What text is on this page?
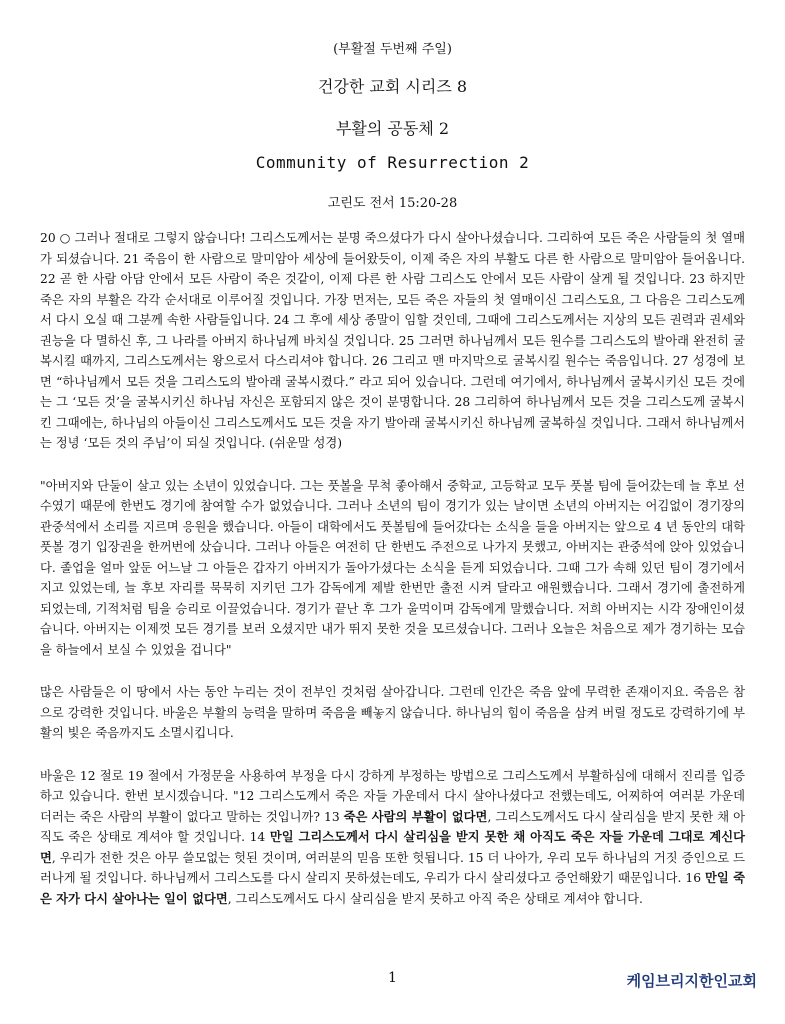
(부활절 두번째 주일)

건강한 교회 시리즈 8

부활의 공동체 2

Community of Resurrection 2

고린도 전서 15:20-28

20 ○ 그러나 절대로 그렇지 않습니다! 그리스도께서는 분명 죽으셨다가 다시 살아나셨습니다. 그리하여 모든 죽은 사람들의 첫 열매가 되셨습니다. 21 죽음이 한 사람으로 말미암아 세상에 들어왔듯이, 이제 죽은 자의 부활도 다른 한 사람으로 말미암아 들어옵니다. 22 곧 한 사람 아담 안에서 모든 사람이 죽은 것같이, 이제 다른 한 사람 그리스도 안에서 모든 사람이 살게 될 것입니다. 23 하지만 죽은 자의 부활은 각각 순서대로 이루어질 것입니다. 가장 먼저는, 모든 죽은 자들의 첫 열매이신 그리스도요, 그 다음은 그리스도께서 다시 오실 때 그분께 속한 사람들입니다. 24 그 후에 세상 종말이 임할 것인데, 그때에 그리스도께서는 지상의 모든 권력과 권세와 권능을 다 멸하신 후, 그 나라를 아버지 하나님께 바치실 것입니다. 25 그러면 하나님께서 모든 원수를 그리스도의 발아래 완전히 굴복시킬 때까지, 그리스도께서는 왕으로서 다스리셔야 합니다. 26 그리고 맨 마지막으로 굴복시킬 원수는 죽음입니다. 27 성경에 보면 “하나님께서 모든 것을 그리스도의 발아래 굴복시켰다.” 라고 되어 있습니다. 그런데 여기에서, 하나님께서 굴복시키신 모든 것에는 그 ‘모든 것’을 굴복시키신 하나님 자신은 포함되지 않은 것이 분명합니다. 28 그리하여 하나님께서 모든 것을 그리스도께 굴복시킨 그때에는, 하나님의 아들이신 그리스도께서도 모든 것을 자기 발아래 굴복시키신 하나님께 굴복하실 것입니다. 그래서 하나님께서는 정녕 ‘모든 것의 주님’이 되실 것입니다. (쉬운말 성경)

"아버지와 단둘이 살고 있는 소년이 있었습니다. 그는 풋볼을 무척 좋아해서 중학교, 고등학교 모두 풋볼 팀에 들어갔는데 늘 후보 선수였기 때문에 한번도 경기에 참여할 수가 없었습니다. 그러나 소년의 팀이 경기가 있는 날이면 소년의 아버지는 어김없이 경기장의 관중석에서 소리를 지르며 응원을 했습니다. 아들이 대학에서도 풋볼팀에 들어갔다는 소식을 들을 아버지는 앞으로 4 년 동안의 대학 풋볼 경기 입장권을 한꺼번에 샀습니다. 그러나 아들은 여전히 단 한번도 주전으로 나가지 못했고, 아버지는 관중석에 앉아 있었습니다. 졸업을 얼마 앞둔 어느날 그 아들은 갑자기 아버지가 돌아가셨다는 소식을 듣게 되었습니다. 그때 그가 속해 있던 팀이 경기에서 지고 있었는데, 늘 후보 자리를 묵묵히 지키던 그가 감독에게 제발 한번만 출전 시켜 달라고 애원했습니다. 그래서 경기에 출전하게 되었는데, 기적처럼 팀을 승리로 이끌었습니다. 경기가 끝난 후 그가 울먹이며 감독에게 말했습니다. 저희 아버지는 시각 장애인이셨습니다. 아버지는 이제껏 모든 경기를 보러 오셨지만 내가 뛰지 못한 것을 모르셨습니다. 그러나 오늘은 처음으로 제가 경기하는 모습을 하늘에서 보실 수 있었을 겁니다"

많은 사람들은 이 땅에서 사는 동안 누리는 것이 전부인 것처럼 살아갑니다. 그런데 인간은 죽음 앞에 무력한 존재이지요. 죽음은 참으로 강력한 것입니다. 바울은 부활의 능력을 말하며 죽음을 빼놓지 않습니다. 하나님의 힘이 죽음을 삼켜 버릴 정도로 강력하기에 부활의 빛은 죽음까지도 소멸시킵니다.

바울은 12 절로 19 절에서 가정문을 사용하여 부정을 다시 강하게 부정하는 방법으로 그리스도께서 부활하심에 대해서 진리를 입증하고 있습니다. 한번 보시겠습니다. "12 그리스도께서 죽은 자들 가운데서 다시 살아나셨다고 전했는데도, 어찌하여 여러분 가운데 더러는 죽은 사람의 부활이 없다고 말하는 것입니까? 13 죽은 사람의 부활이 없다면, 그리스도께서도 다시 살리심을 받지 못한 채 아직도 죽은 상태로 계셔야 할 것입니다. 14 만일 그리스도께서 다시 살리심을 받지 못한 채 아직도 죽은 자들 가운데 그대로 계신다면, 우리가 전한 것은 아무 쓸모없는 헛된 것이며, 여러분의 믿음 또한 헛됩니다. 15 더 나아가, 우리 모두 하나님의 거짓 증인으로 드러나게 될 것입니다. 하나님께서 그리스도를 다시 살리지 못하셨는데도, 우리가 다시 살리셨다고 증언해왔기 때문입니다. 16 만일 죽은 자가 다시 살아나는 일이 없다면, 그리스도께서도 다시 살리심을 받지 못하고 아직 죽은 상태로 계셔야 합니다.

1	케임브리지한인교회
